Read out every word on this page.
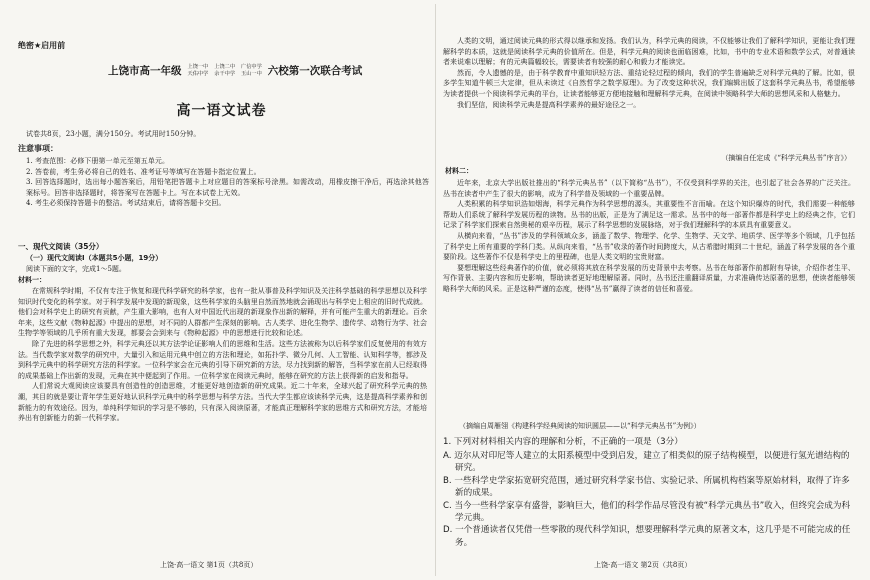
绝密★启用前
上饶市高一年级 上饶一中 上饶二中 广信中学
天佑中学 余干中学 玉山一中 六校第一次联合考试
高一语文试卷
试卷共8页，23小题，满分150分。考试用时150分钟。
注意事项：
1. 考查范围：必修下册第一单元至第五单元。
2. 答卷前，考生务必将自己的姓名、准考证号等填写在答题卡指定位置上。
3. 回答选择题时，选出每小题答案后，用铅笔把答题卡上对应题目的答案标号涂黑。如需改动，用橡皮擦干净后，再选涂其他答案标号。回答非选择题时，将答案写在答题卡上。写在本试卷上无效。
4. 考生必须保持答题卡的整洁。考试结束后，请将答题卡交回。
一、现代文阅读（35分）
（一）现代文阅读Ⅰ（本题共5小题，19分）
阅读下面的文字，完成1～5题。
材料一：

在常规科学时期，不仅有专注于恢复和现代科学研究的科学家，也有一批从事普及科学知识及关注科学基础的科学思想以及科学知识时代变化的科学家。对于科学发展中发现的新现象，这些科学家的头脑里自然而然地就会涌现出与科学史上相应的旧时代成就。他们会对科学史上的研究有贡献，产生重大影响，也有人对中国近代出现的新现象作出新的解释，并有可能产生重大的新理论。百余年来，这些文献《物种起源》中提出的思想，对不同的人群都产生深刻的影响。古人类学、进化生物学、遗传学、动物行为学、社会生物学等领域的几乎所有重大发现，都要会会到来与《物种起源》中的思想进行比较和论述。

除了先进的科学思想之外，科学元典还以其方法学论证影响人们的思维和生活。这些方法被称为以后科学家们反复使用的有效方法。当代数学家对数学的研究中，大量引入和运用元典中创立的方法和理论，如拓扑学、微分几何、人工智能、认知科学等，都涉及到科学元典中的科学研究方法的科学家。一位科学家会在元典的引导下研究新的方法，尽力找到新的解答，当科学家在前人已经取得的成果基础上作出新的发现，元典在其中便起到了作用。一位科学家在阅读元典时，能够在研究的方法上获得新的启发和指导。

人们常说大观阅读应该要具有创造性的创造思维，才能更好地创造新的研究成果。近二十年来，全球兴起了研究科学元典的热潮，其目的就是要让青年学生更好地认识科学元典中的科学思想与科学方法。当代大学生都应该读科学元典，这是提高科学素养和创新能力的有效途径。因为，单纯科学知识的学习是不够的，只有深入阅读原著，才能真正理解科学家的思维方式和研究方法，才能培养出有创新能力的新一代科学家。

上饶·高一语文 第1页（共8页）

人类的文明，通过阅读元典的形式得以继承和发扬。我们认为，科学元典的阅读，不仅能够让我们了解科学知识，更能让我们理解科学的本质，这就是阅读科学元典的价值所在。但是，科学元典的阅读也面临困难，比如，书中的专业术语和数学公式，对普通读者来说难以理解；有的元典篇幅较长，需要读者有较强的耐心和毅力才能读完。

然而，令人遗憾的是，由于科学教育中重知识轻方法、重结论轻过程的倾向，我们的学生普遍缺乏对科学元典的了解。比如，很多学生知道牛顿三大定律，但从未读过《自然哲学之数学原理》。为了改变这种状况，我们编辑出版了这套科学元典丛书，希望能够为读者提供一个阅读科学元典的平台，让读者能够更方便地接触和理解科学元典，在阅读中领略科学大师的思想风采和人格魅力。

我们坚信，阅读科学元典是提高科学素养的最好途径之一。

（摘编自任定成《“科学元典丛书”序言》）
材料二：

近年来，北京大学出版社推出的“科学元典丛书”（以下简称“丛书”），不仅受到科学界的关注，也引起了社会各界的广泛关注。丛书在读者中产生了很大的影响，成为了科学普及领域的一个重要品牌。

人类积累的科学知识浩如烟海，科学元典作为科学思想的源头，其重要性不言而喻。在这个知识爆炸的时代，我们需要一种能够帮助人们系统了解科学发展历程的读物。丛书的出版，正是为了满足这一需求。丛书中的每一部著作都是科学史上的经典之作，它们记录了科学家们探索自然奥秘的艰辛历程，展示了科学思想的发展脉络，对于我们理解科学的本质具有重要意义。

从横向来看，“丛书”涉及的学科领域众多，涵盖了数学、物理学、化学、生物学、天文学、地质学、医学等多个领域，几乎包括了科学史上所有重要的学科门类。从纵向来看，“丛书”收录的著作时间跨度大，从古希腊时期到二十世纪，涵盖了科学发展的各个重要阶段。这些著作不仅是科学史上的里程碑，也是人类文明的宝贵财富。

要想理解这些经典著作的价值，就必须将其放在科学发展的历史背景中去考察。丛书在每部著作前都附有导读，介绍作者生平、写作背景、主要内容和历史影响，帮助读者更好地理解原著。同时，丛书还注重翻译质量，力求准确传达原著的思想，使读者能够领略科学大师的风采。正是这种严谨的态度，使得“丛书”赢得了读者的信任和喜爱。

（摘编自周雁翎《构建科学经典阅读的知识圆层——以“科学元典丛书”为例》）
1. 下列对材料相关内容的理解和分析，不正确的一项是（3分）
A. 迈尔从对印尼等人建立的太阳系模型中受到启发，建立了相类似的原子结构模型，以便进行氢光谱结构的研究。
B. 一些科学史学家拓宽研究范围，通过研究科学家书信、实验记录、所属机构档案等原始材料，取得了许多新的成果。
C. 当今一些科学家享有盛誉，影响巨大，他们的科学作品尽管没有被“科学元典丛书”收入，但终究会成为科学元典。
D. 一个普通读者仅凭借一些零散的现代科学知识，想要理解科学元典的原著文本，这几乎是不可能完成的任务。
上饶·高一语文 第2页（共8页）
